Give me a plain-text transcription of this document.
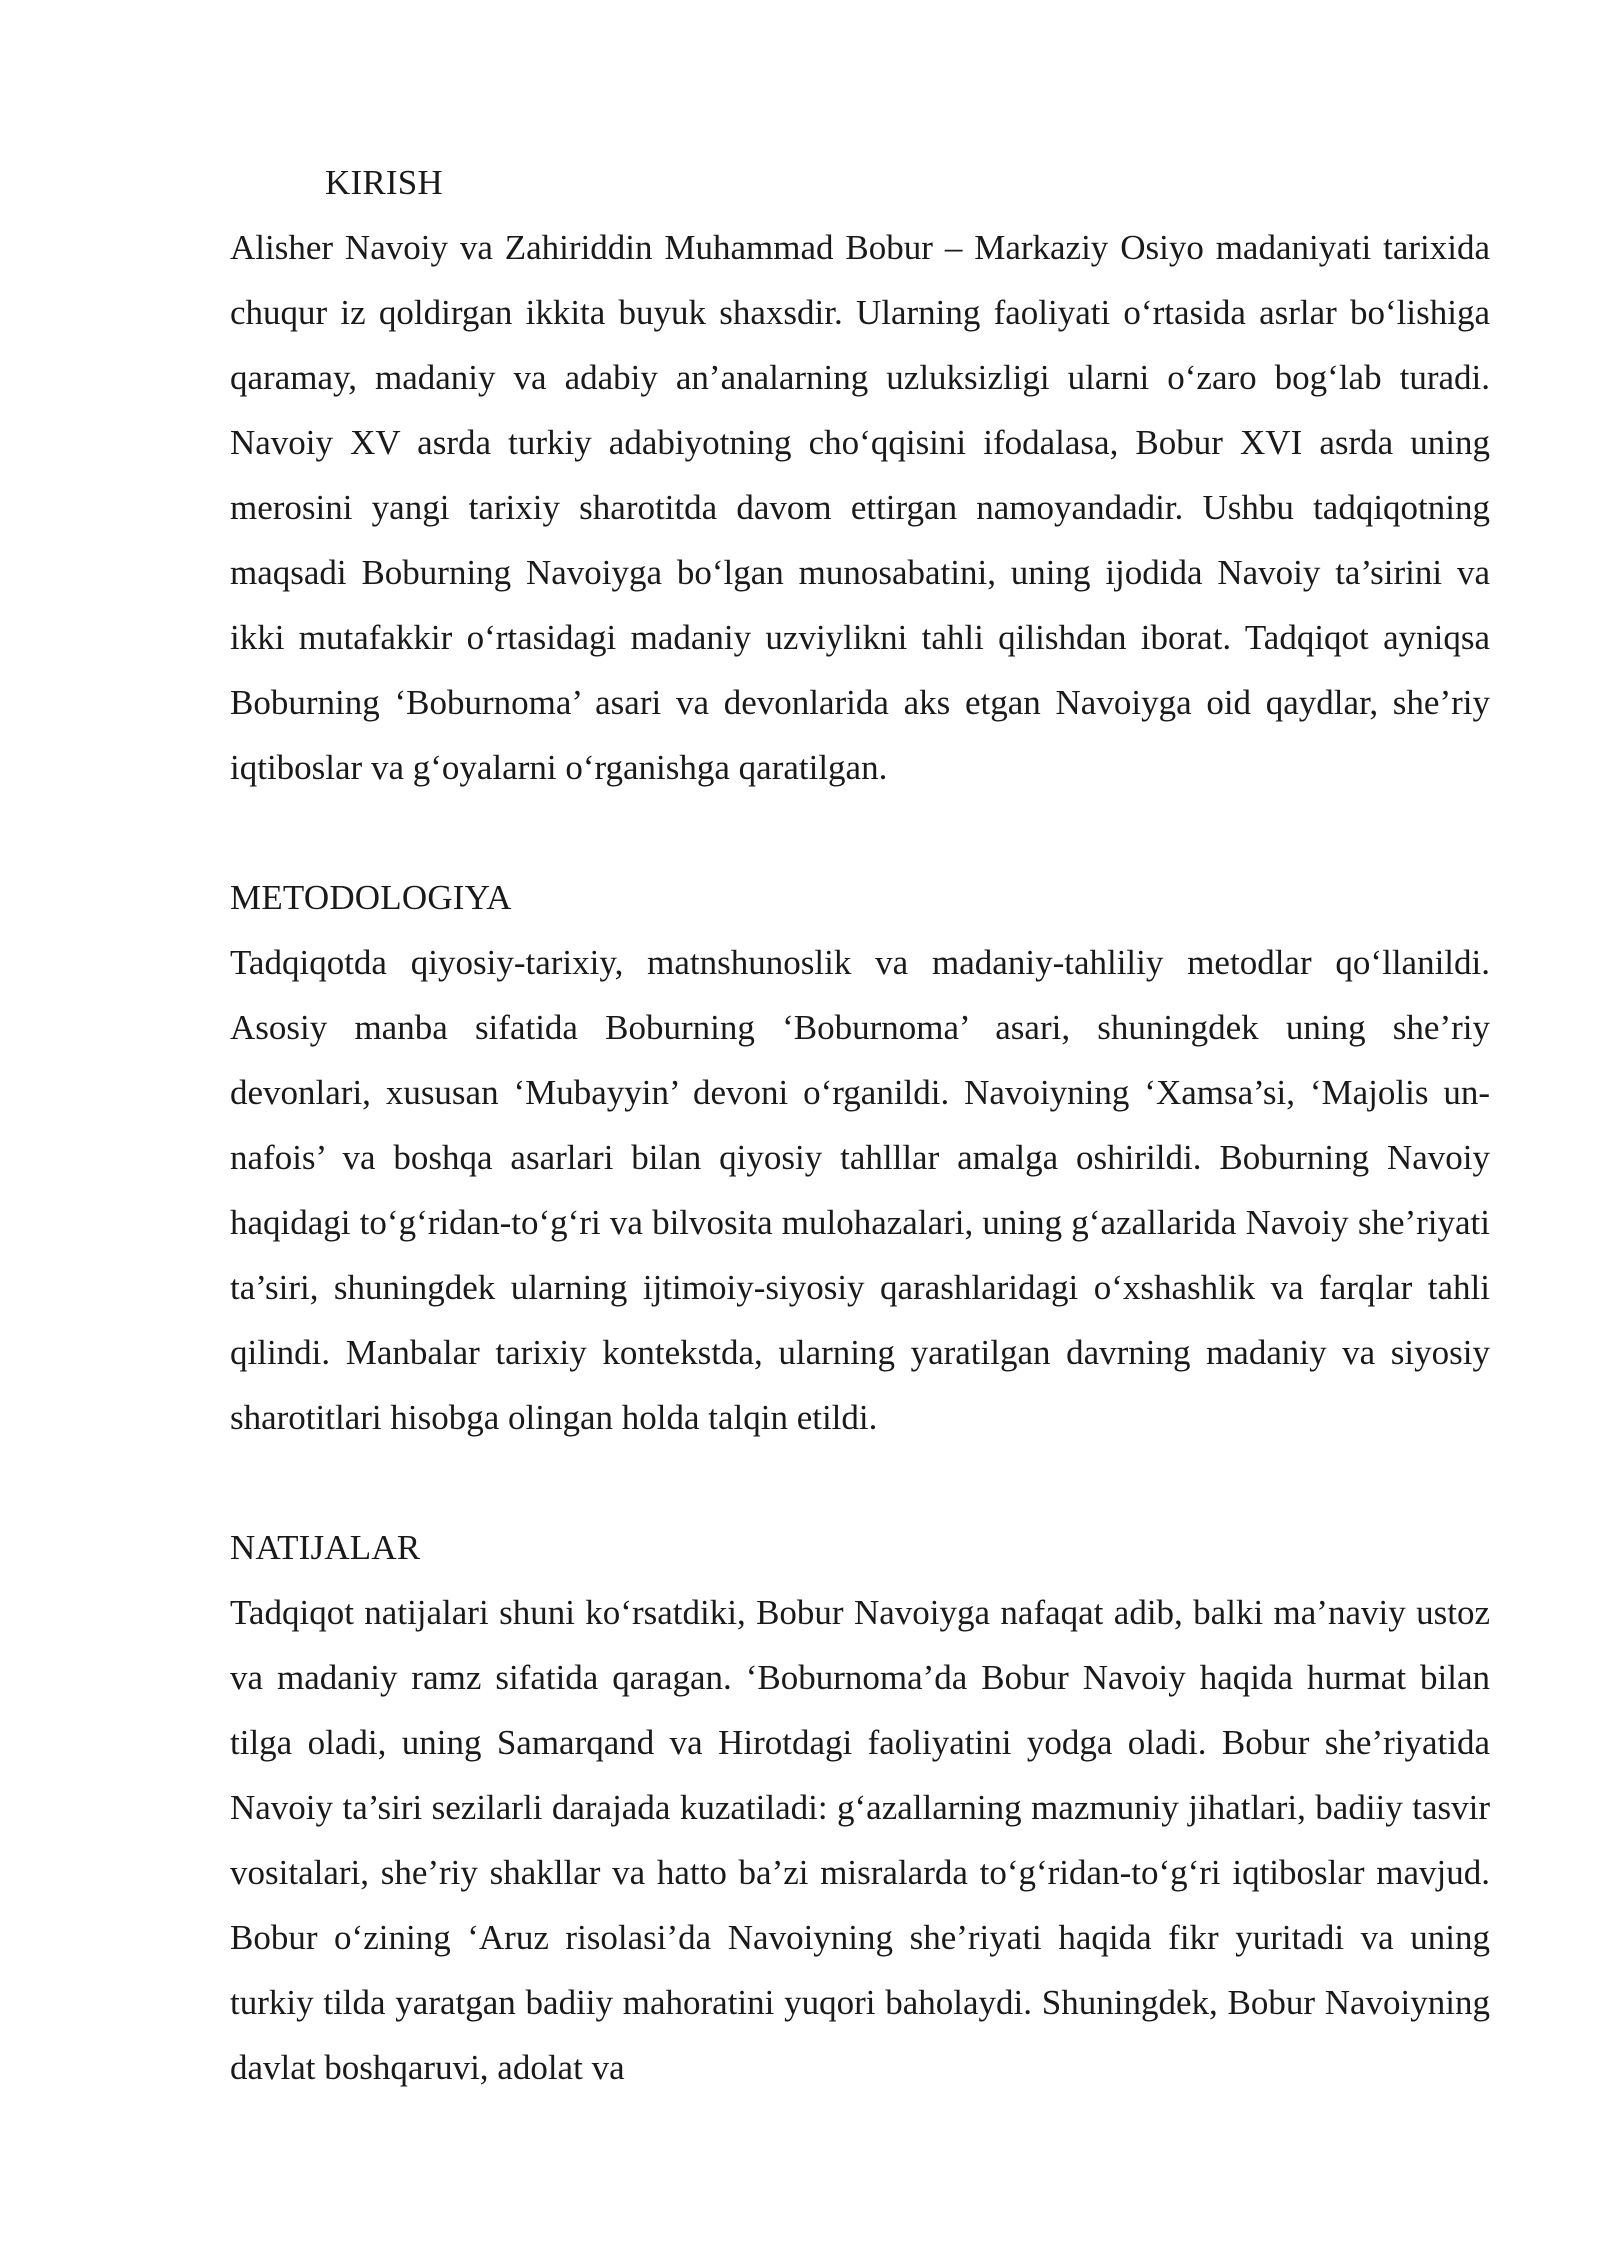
KIRISH

Alisher Navoiy va Zahiriddin Muhammad Bobur – Markaziy Osiyo madaniyati tarixida chuqur iz qoldirgan ikkita buyuk shaxsdir. Ularning faoliyati oʻrtasida asrlar boʻlishiga qaramay, madaniy va adabiy an’analarning uzluksizligi ularni oʻzaro bogʻlab turadi. Navoiy XV asrda turkiy adabiyotning choʻqqisini ifodalasa, Bobur XVI asrda uning merosini yangi tarixiy sharotitda davom ettirgan namoyandadir. Ushbu tadqiqotning maqsadi Boburning Navoiyga boʻlgan munosabatini, uning ijodida Navoiy ta’sirini va ikki mutafakkir oʻrtasidagi madaniy uzviylikni tahli qilishdan iborat. Tadqiqot ayniqsa Boburning ‘Boburnoma’ asari va devonlarida aks etgan Navoiyga oid qaydlar, she’riy iqtiboslar va gʻoyalarni oʻrganishga qaratilgan.

METODOLOGIYA

Tadqiqotda qiyosiy-tarixiy, matnshunoslik va madaniy-tahliliy metodlar qoʻllanildi. Asosiy manba sifatida Boburning ‘Boburnoma’ asari, shuningdek uning she’riy devonlari, xususan ‘Mubayyin’ devoni oʻrganildi. Navoiyning ‘Xamsa’si, ‘Majolis un-nafois’ va boshqa asarlari bilan qiyosiy tahlllar amalga oshirildi. Boburning Navoiy haqidagi toʻgʻridan-toʻgʻri va bilvosita mulohazalari, uning gʻazallarida Navoiy she’riyati ta’siri, shuningdek ularning ijtimoiy-siyosiy qarashlaridagi oʻxshashlik va farqlar tahli qilindi. Manbalar tarixiy kontekstda, ularning yaratilgan davrning madaniy va siyosiy sharotitlari hisobga olingan holda talqin etildi.

NATIJALAR

Tadqiqot natijalari shuni koʻrsatdiki, Bobur Navoiyga nafaqat adib, balki ma’naviy ustoz va madaniy ramz sifatida qaragan. ‘Boburnoma’da Bobur Navoiy haqida hurmat bilan tilga oladi, uning Samarqand va Hirotdagi faoliyatini yodga oladi. Bobur she’riyatida Navoiy ta’siri sezilarli darajada kuzatiladi: gʻazallarning mazmuniy jihatlari, badiiy tasvir vositalari, she’riy shakllar va hatto ba’zi misralarda toʻgʻridan-toʻgʻri iqtiboslar mavjud. Bobur oʻzining ‘Aruz risolasi’da Navoiyning she’riyati haqida fikr yuritadi va uning turkiy tilda yaratgan badiiy mahoratini yuqori baholaydi. Shuningdek, Bobur Navoiyning davlat boshqaruvi, adolat va
